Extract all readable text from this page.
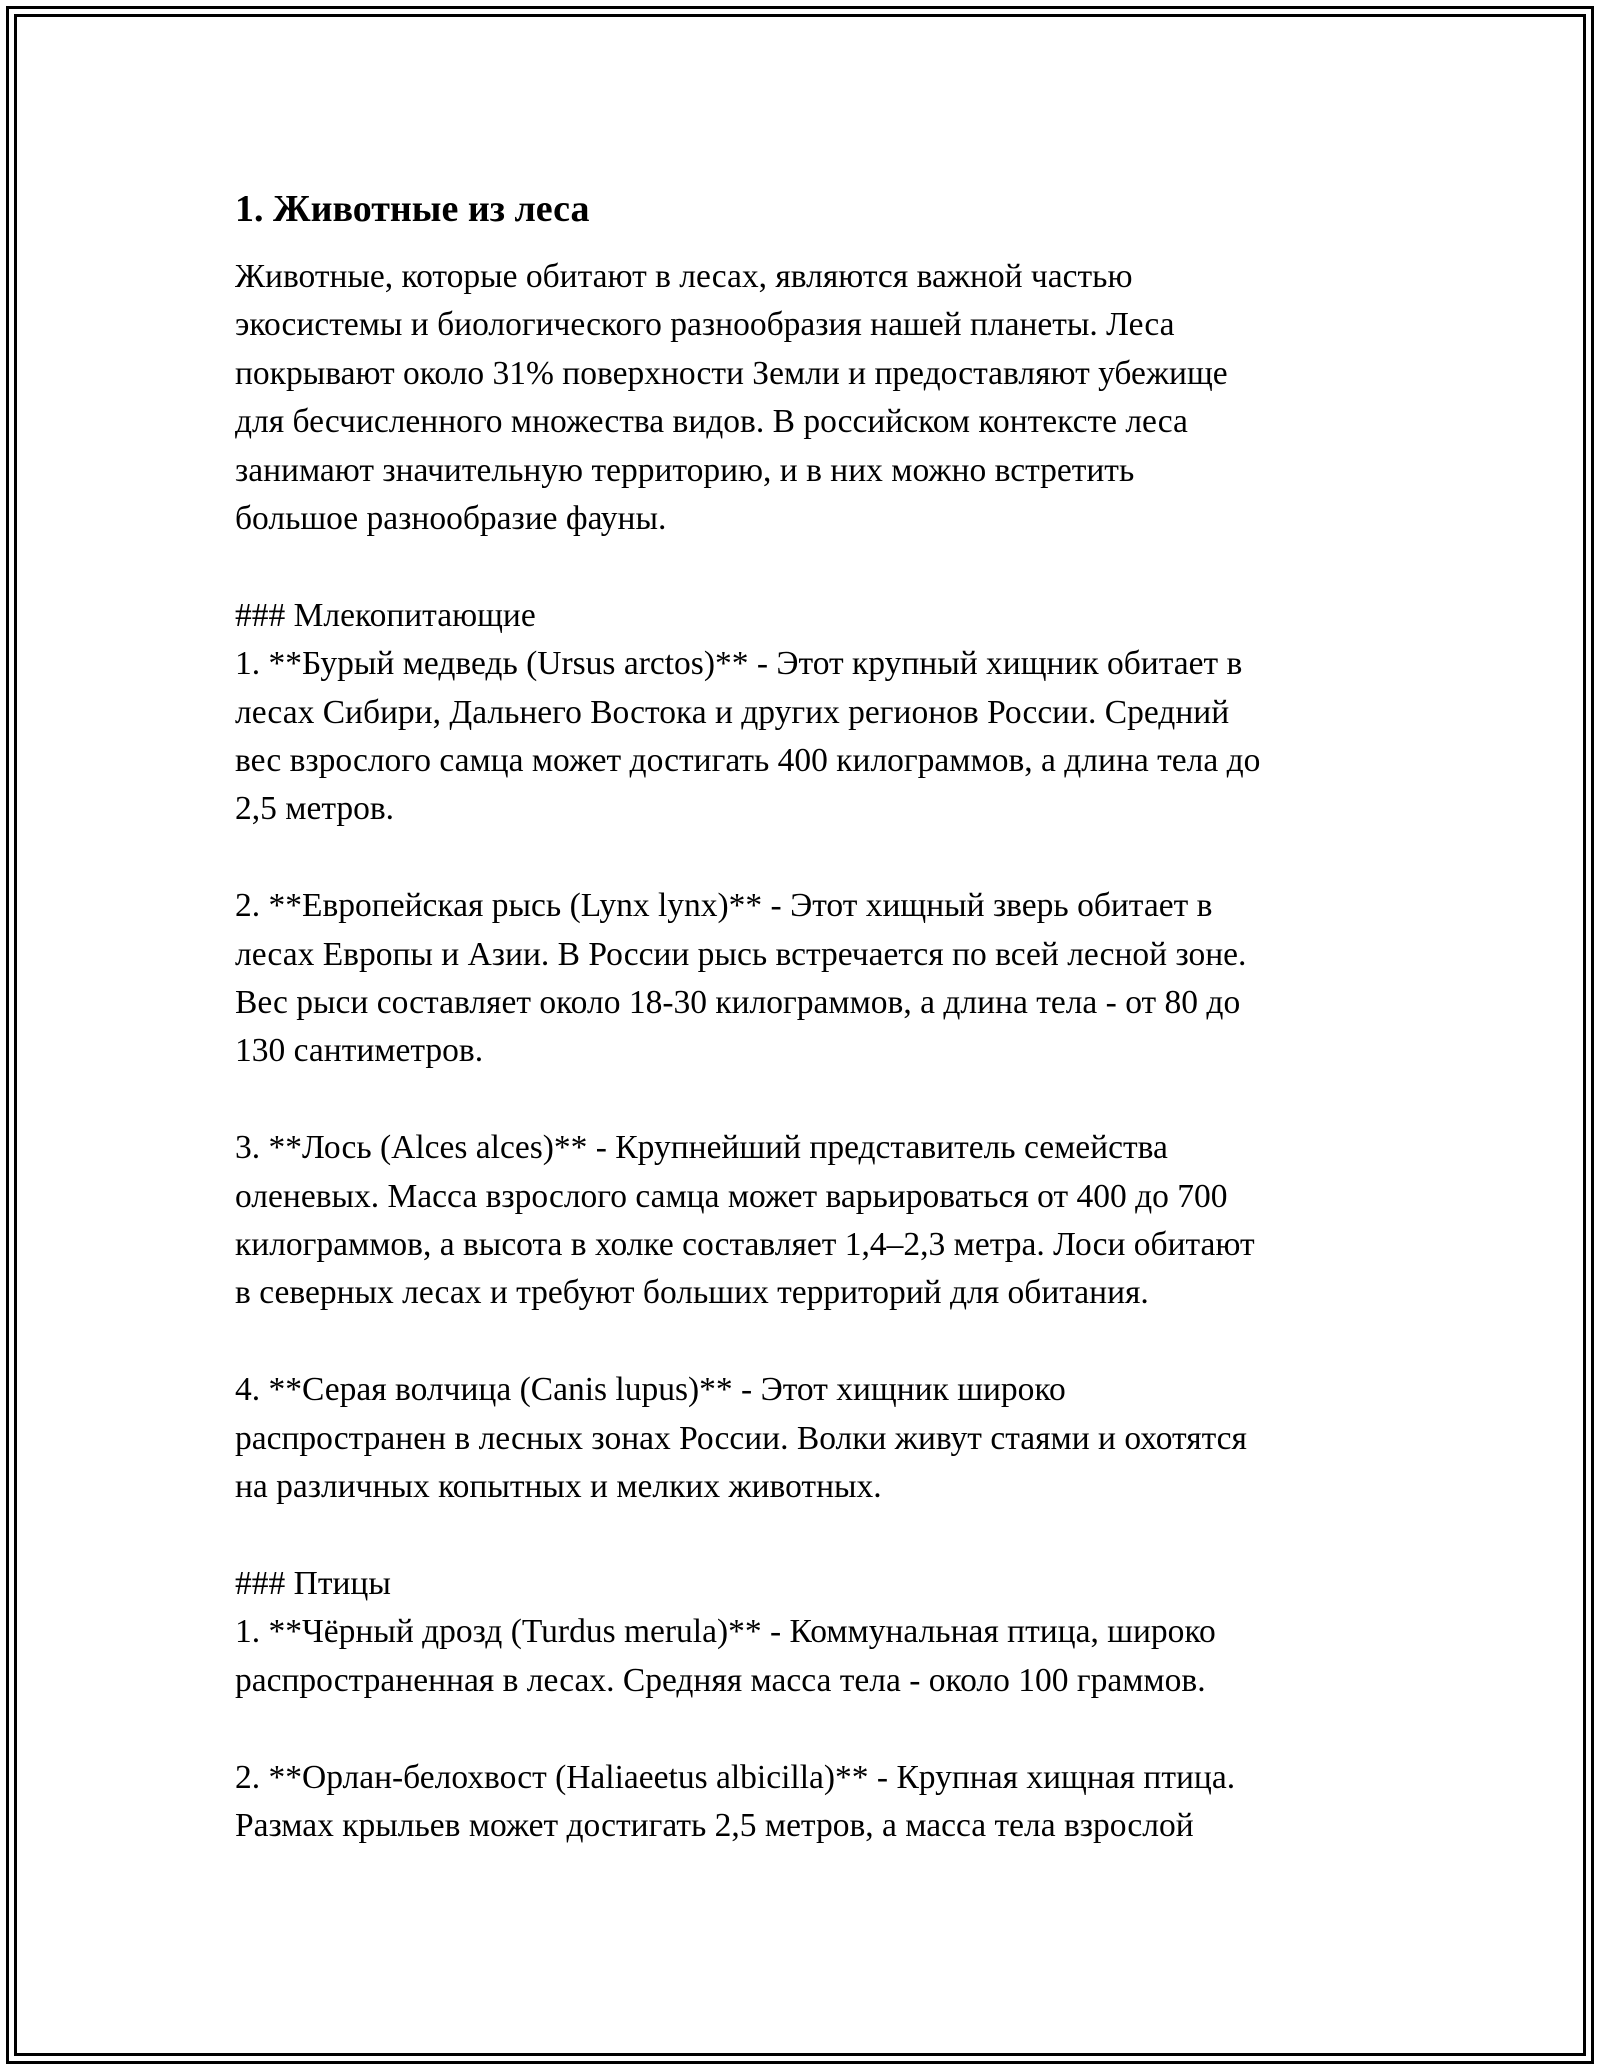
1. Животные из леса

Животные, которые обитают в лесах, являются важной частью
экосистемы и биологического разнообразия нашей планеты. Леса
покрывают около 31% поверхности Земли и предоставляют убежище
для бесчисленного множества видов. В российском контексте леса
занимают значительную территорию, и в них можно встретить
большое разнообразие фауны.

### Млекопитающие

1. **Бурый медведь (Ursus arctos)** - Этот крупный хищник обитает в
лесах Сибири, Дальнего Востока и других регионов России. Средний
вес взрослого самца может достигать 400 килограммов, а длина тела до
2,5 метров.

2. **Европейская рысь (Lynx lynx)** - Этот хищный зверь обитает в
лесах Европы и Азии. В России рысь встречается по всей лесной зоне.
Вес рыси составляет около 18-30 килограммов, а длина тела - от 80 до
130 сантиметров.

3. **Лось (Alces alces)** - Крупнейший представитель семейства
оленевых. Масса взрослого самца может варьироваться от 400 до 700
килограммов, а высота в холке составляет 1,4–2,3 метра. Лоси обитают
в северных лесах и требуют больших территорий для обитания.

4. **Серая волчица (Canis lupus)** - Этот хищник широко
распространен в лесных зонах России. Волки живут стаями и охотятся
на различных копытных и мелких животных.

### Птицы

1. **Чёрный дрозд (Turdus merula)** - Коммунальная птица, широко
распространенная в лесах. Средняя масса тела - около 100 граммов.

2. **Орлан-белохвост (Haliaeetus albicilla)** - Крупная хищная птица.
Размах крыльев может достигать 2,5 метров, а масса тела взрослой
